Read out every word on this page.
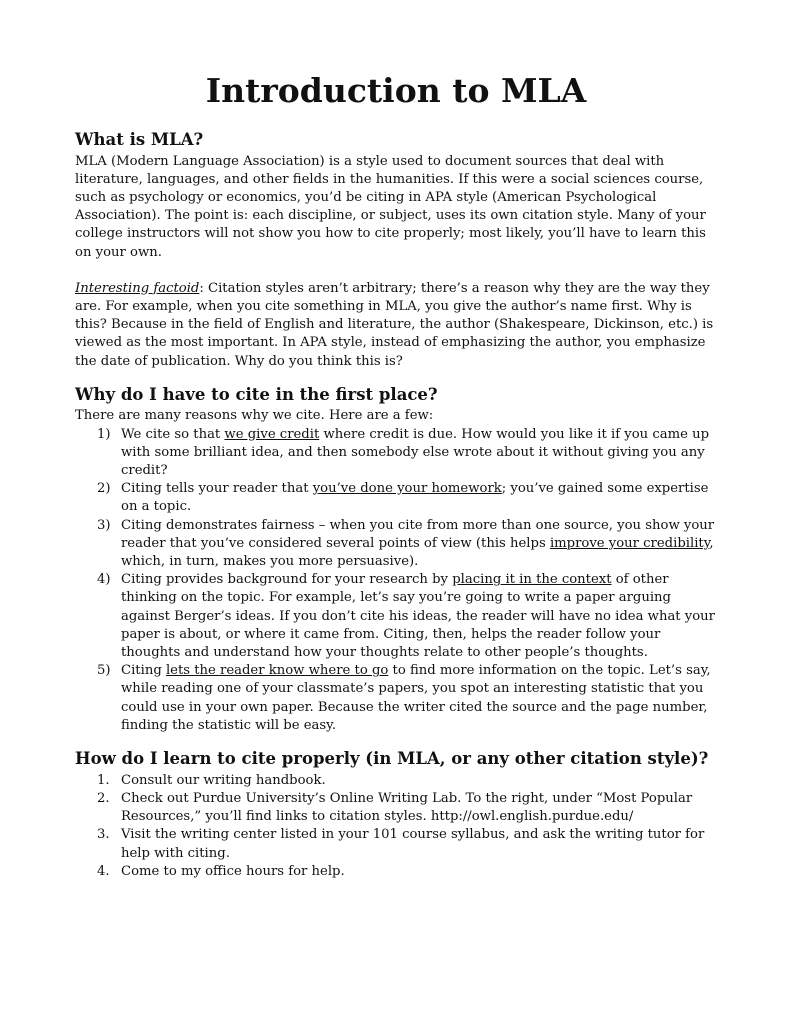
Introduction to MLA
What is MLA?

MLA (Modern Language Association) is a style used to document sources that deal with literature, languages, and other fields in the humanities. If this were a social sciences course, such as psychology or economics, you’d be citing in APA style (American Psychological Association). The point is: each discipline, or subject, uses its own citation style. Many of your college instructors will not show you how to cite properly; most likely, you’ll have to learn this on your own.

Interesting factoid: Citation styles aren’t arbitrary; there’s a reason why they are the way they are. For example, when you cite something in MLA, you give the author’s name first. Why is this? Because in the field of English and literature, the author (Shakespeare, Dickinson, etc.) is viewed as the most important. In APA style, instead of emphasizing the author, you emphasize the date of publication. Why do you think this is?

Why do I have to cite in the first place?

There are many reasons why we cite. Here are a few:

1) We cite so that we give credit where credit is due. How would you like it if you came up with some brilliant idea, and then somebody else wrote about it without giving you any credit?
2) Citing tells your reader that you’ve done your homework; you’ve gained some expertise on a topic.
3) Citing demonstrates fairness – when you cite from more than one source, you show your reader that you’ve considered several points of view (this helps improve your credibility, which, in turn, makes you more persuasive).
4) Citing provides background for your research by placing it in the context of other thinking on the topic. For example, let’s say you’re going to write a paper arguing against Berger’s ideas. If you don’t cite his ideas, the reader will have no idea what your paper is about, or where it came from. Citing, then, helps the reader follow your thoughts and understand how your thoughts relate to other people’s thoughts.
5) Citing lets the reader know where to go to find more information on the topic. Let’s say, while reading one of your classmate’s papers, you spot an interesting statistic that you could use in your own paper. Because the writer cited the source and the page number, finding the statistic will be easy.
How do I learn to cite properly (in MLA, or any other citation style)?
1. Consult our writing handbook.
2. Check out Purdue University’s Online Writing Lab. To the right, under “Most Popular Resources,” you’ll find links to citation styles. http://owl.english.purdue.edu/
3. Visit the writing center listed in your 101 course syllabus, and ask the writing tutor for help with citing.
4. Come to my office hours for help.
